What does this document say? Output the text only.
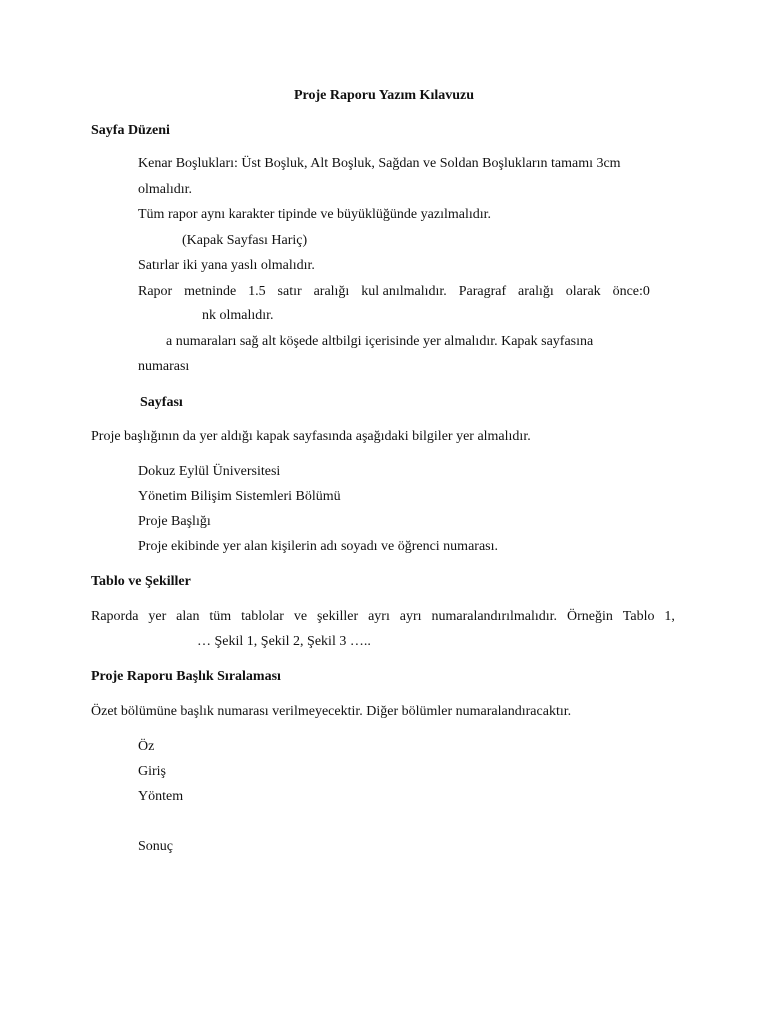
Proje Raporu Yazım Kılavuzu
Sayfa Düzeni
Kenar Boşlukları: Üst Boşluk, Alt Boşluk, Sağdan ve Soldan Boşlukların tamamı 3cm
olmalıdır.
Tüm rapor aynı karakter tipinde ve büyüklüğünde yazılmalıdır.
(Kapak Sayfası Hariç)
Satırlar iki yana yaslı olmalıdır.
Rapor metninde 1.5 satır aralığı kul anılmalıdır. Paragraf aralığı olarak önce:0
nk olmalıdır.
a numaraları sağ alt köşede altbilgi içerisinde yer almalıdır. Kapak sayfasına
numarası
Sayfası
Proje başlığının da yer aldığı kapak sayfasında aşağıdaki bilgiler yer almalıdır.
Dokuz Eylül Üniversitesi
Yönetim Bilişim Sistemleri Bölümü
Proje Başlığı
Proje ekibinde yer alan kişilerin adı soyadı ve öğrenci numarası.
Tablo ve Şekiller
Raporda yer alan tüm tablolar ve şekiller ayrı ayrı numaralandırılmalıdır. Örneğin Tablo 1,
… Şekil 1, Şekil 2, Şekil 3 …..
Proje Raporu Başlık Sıralaması
Özet bölümüne başlık numarası verilmeyecektir. Diğer bölümler numaralandıracaktır.
Öz
Giriş
Yöntem
Sonuç
